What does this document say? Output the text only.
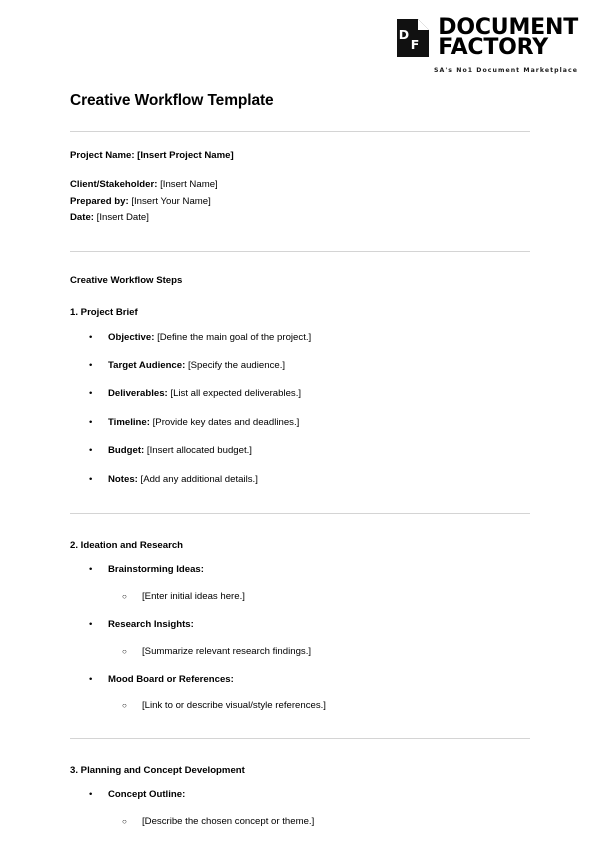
D
F
DOCUMENT
FACTORY
SA's No1 Document Marketplace
Creative Workflow Template

Project Name: [Insert Project Name]

Client/Stakeholder: [Insert Name]

Prepared by: [Insert Your Name]

Date: [Insert Date]

Creative Workflow Steps

1. Project Brief

• Objective: [Define the main goal of the project.]
• Target Audience: [Specify the audience.]
• Deliverables: [List all expected deliverables.]
• Timeline: [Provide key dates and deadlines.]
• Budget: [Insert allocated budget.]
• Notes: [Add any additional details.]

2. Ideation and Research

• Brainstorming Ideas:
○ [Enter initial ideas here.]
• Research Insights:
○ [Summarize relevant research findings.]
• Mood Board or References:
○ [Link to or describe visual/style references.]

3. Planning and Concept Development

• Concept Outline:
○ [Describe the chosen concept or theme.]
